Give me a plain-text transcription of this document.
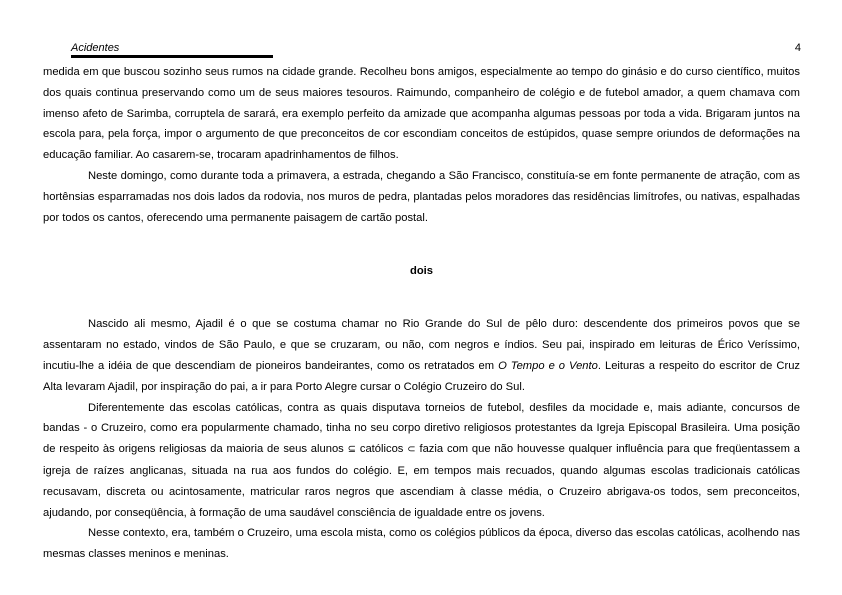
Acidentes	4

medida em que buscou sozinho seus rumos na cidade grande. Recolheu bons amigos, especialmente ao tempo do ginásio e do curso científico, muitos dos quais continua preservando como um de seus maiores tesouros. Raimundo, companheiro de colégio e de futebol amador, a quem chamava com imenso afeto de Sarimba, corruptela de sarará, era exemplo perfeito da amizade que acompanha algumas pessoas por toda a vida. Brigaram juntos na escola para, pela força, impor o argumento de que preconceitos de cor escondiam conceitos de estúpidos, quase sempre oriundos de deformações na educação familiar. Ao casarem-se, trocaram apadrinhamentos de filhos.

Neste domingo, como durante toda a primavera, a estrada, chegando a São Francisco, constituía-se em fonte permanente de atração, com as hortênsias esparramadas nos dois lados da rodovia, nos muros de pedra, plantadas pelos moradores das residências limítrofes, ou nativas, espalhadas por todos os cantos, oferecendo uma permanente paisagem de cartão postal.

dois

Nascido ali mesmo, Ajadil é o que se costuma chamar no Rio Grande do Sul de pêlo duro: descendente dos primeiros povos que se assentaram no estado, vindos de São Paulo, e que se cruzaram, ou não, com negros e índios. Seu pai, inspirado em leituras de Érico Veríssimo, incutiu-lhe a idéia de que descendiam de pioneiros bandeirantes, como os retratados em O Tempo e o Vento. Leituras a respeito do escritor de Cruz Alta levaram Ajadil, por inspiração do pai, a ir para Porto Alegre cursar o Colégio Cruzeiro do Sul.

Diferentemente das escolas católicas, contra as quais disputava torneios de futebol, desfiles da mocidade e, mais adiante, concursos de bandas - o Cruzeiro, como era popularmente chamado, tinha no seu corpo diretivo religiosos protestantes da Igreja Episcopal Brasileira. Uma posição de respeito às origens religiosas da maioria de seus alunos ⊆ católicos ⊂ fazia com que não houvesse qualquer influência para que freqüentassem a igreja de raízes anglicanas, situada na rua aos fundos do colégio. E, em tempos mais recuados, quando algumas escolas tradicionais católicas recusavam, discreta ou acintosamente, matricular raros negros que ascendiam à classe média, o Cruzeiro abrigava-os todos, sem preconceitos, ajudando, por conseqüência, à formação de uma saudável consciência de igualdade entre os jovens.

Nesse contexto, era, também o Cruzeiro, uma escola mista, como os colégios públicos da época, diverso das escolas católicas, acolhendo nas mesmas classes meninos e meninas.
